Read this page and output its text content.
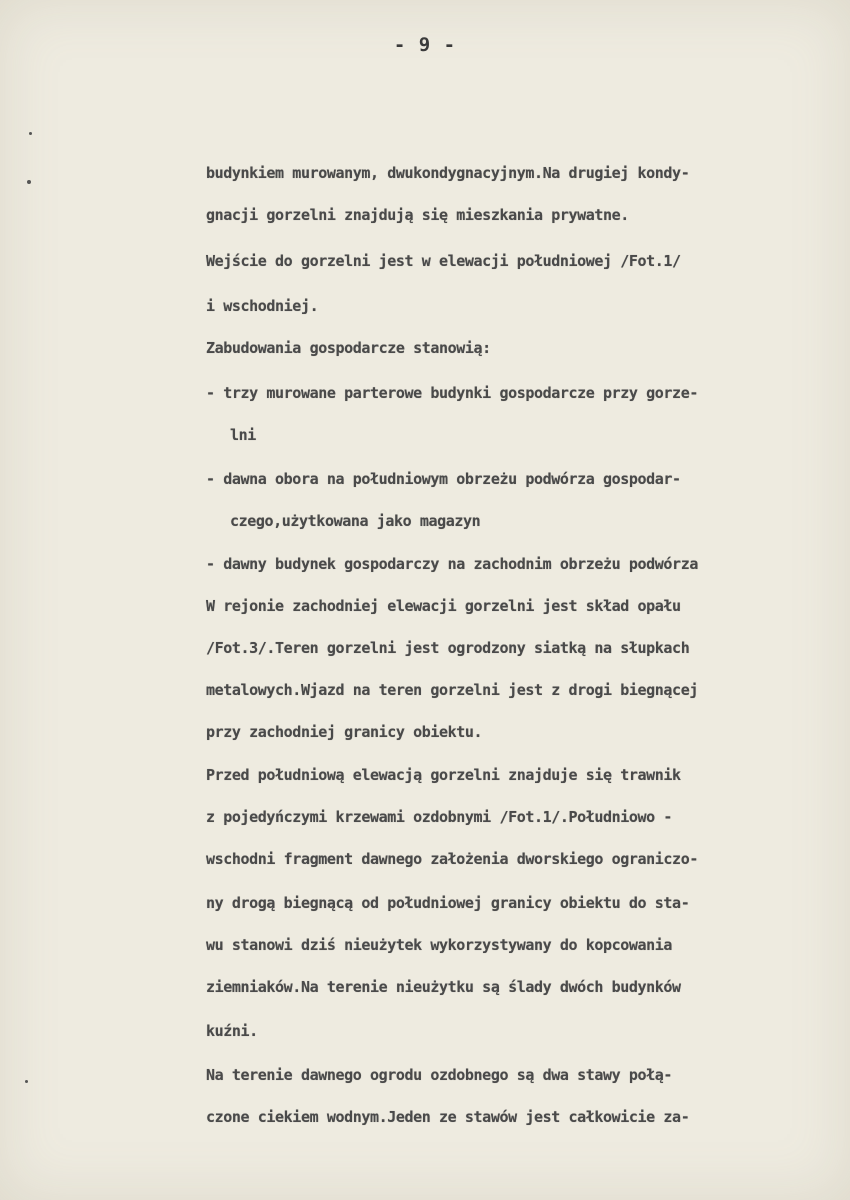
- 9 -
budynkiem murowanym, dwukondygnacyjnym.Na drugiej kondy-
gnacji gorzelni znajdują się mieszkania prywatne.
Wejście do gorzelni jest w elewacji południowej /Fot.1/
i wschodniej.
Zabudowania gospodarcze stanowią:
- trzy murowane parterowe budynki gospodarcze przy gorze-
lni
- dawna obora na południowym obrzeżu podwórza gospodar-
czego,użytkowana jako magazyn
- dawny budynek gospodarczy na zachodnim obrzeżu podwórza
W rejonie zachodniej elewacji gorzelni jest skład opału
/Fot.3/.Teren gorzelni jest ogrodzony siatką na słupkach
metalowych.Wjazd na teren gorzelni jest z drogi biegnącej
przy zachodniej granicy obiektu.
Przed południową elewacją gorzelni znajduje się trawnik
z pojedyńczymi krzewami ozdobnymi /Fot.1/.Południowo -
wschodni fragment dawnego założenia dworskiego ograniczo-
ny drogą biegnącą od południowej granicy obiektu do sta-
wu stanowi dziś nieużytek wykorzystywany do kopcowania
ziemniaków.Na terenie nieużytku są ślady dwóch budynków
kuźni.
Na terenie dawnego ogrodu ozdobnego są dwa stawy połą-
czone ciekiem wodnym.Jeden ze stawów jest całkowicie za-
